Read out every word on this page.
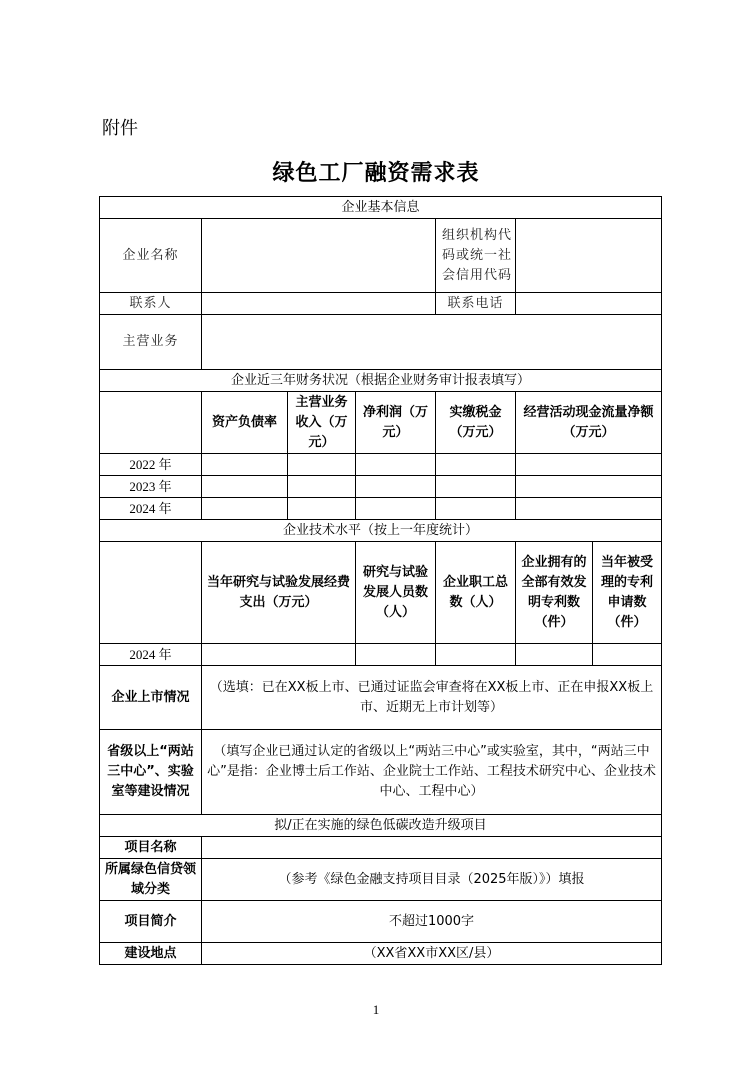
附件
绿色工厂融资需求表
企业基本信息						
企业名称				组织机构代码或统一社会信用代码		
联系人				联系电话		
主营业务						
企业近三年财务状况（根据企业财务审计报表填写）						
	资产负债率	主营业务收入（万元）	净利润（万元）	实缴税金（万元）	经营活动现金流量净额（万元）	
2022 年						
2023 年						
2024 年						
企业技术水平（按上一年度统计）						
	当年研究与试验发展经费支出（万元）		研究与试验发展人员数（人）	企业职工总数（人）	企业拥有的全部有效发明专利数（件）	当年被受理的专利申请数（件）
2024 年						
企业上市情况	（选填：已在XX板上市、已通过证监会审查将在XX板上市、正在申报XX板上市、近期无上市计划等）					
省级以上“两站三中心”、实验室等建设情况	（填写企业已通过认定的省级以上“两站三中心”或实验室，其中，“两站三中心”是指：企业博士后工作站、企业院士工作站、工程技术研究中心、企业技术中心、工程中心）					
拟/正在实施的绿色低碳改造升级项目						
项目名称						
所属绿色信贷领域分类	（参考《绿色金融支持项目目录（2025年版）》）填报					
项目简介	不超过1000字					
建设地点	（XX省XX市XX区/县）					
1
